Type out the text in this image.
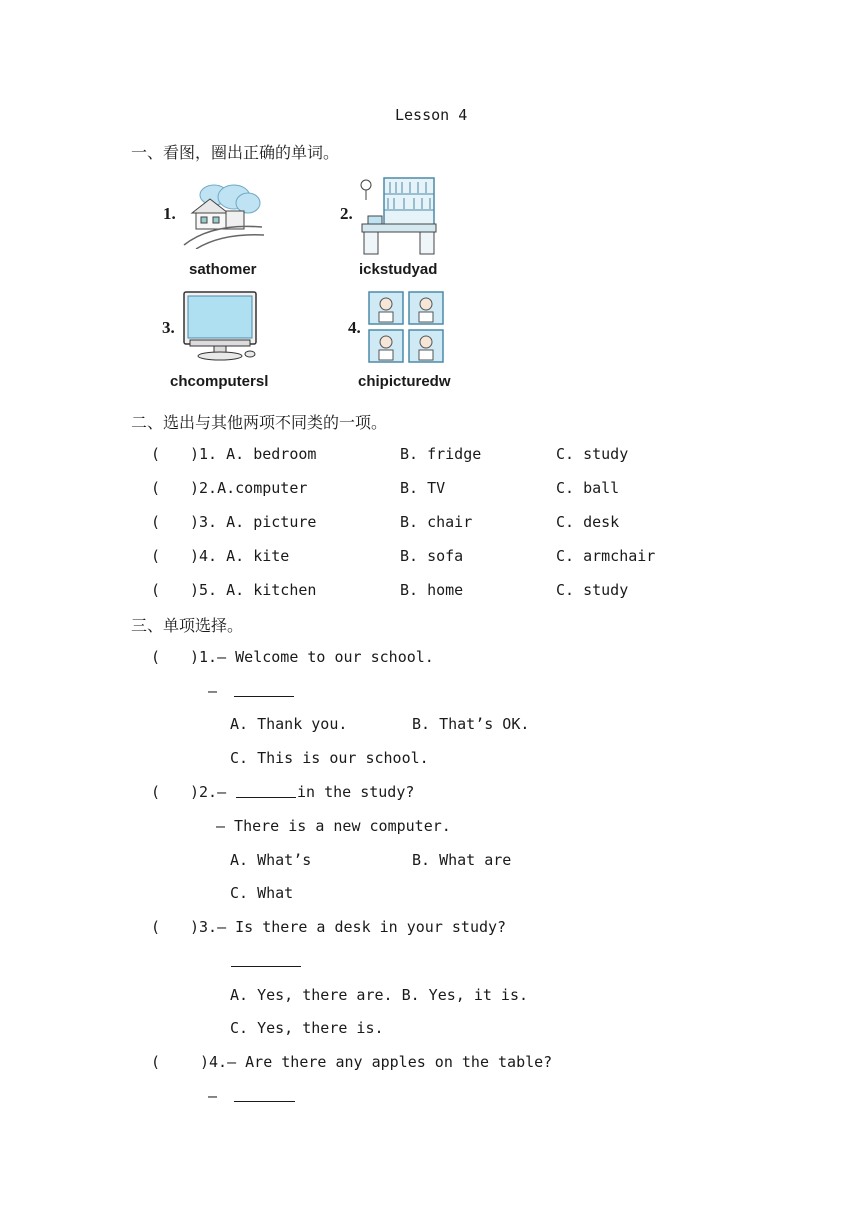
Lesson 4
一、看图，圈出正确的单词。
1.
sathomer
2.
ickstudyad
3.
chcomputersl
4.
chipicturedw
二、选出与其他两项不同类的一项。
( )1. A. bedroom	B. fridge	C. study
( )2.A.computer	B. TV	C. ball
( )3. A. picture	B. chair	C. desk
( )4. A. kite	B. sofa	C. armchair
( )5. A. kitchen	B. home	C. study
三、单项选择。
( )1.— Welcome to our school.
—
A. Thank you.	B. That’s OK.
C. This is our school.
( )2.—	in the study?
— There is a new computer.
A. What’s	B. What are
C. What
( )3.— Is there a desk in your study?
A. Yes, there are. B. Yes, it is.
C. Yes, there is.
(	)4.— Are there any apples on the table?
—
